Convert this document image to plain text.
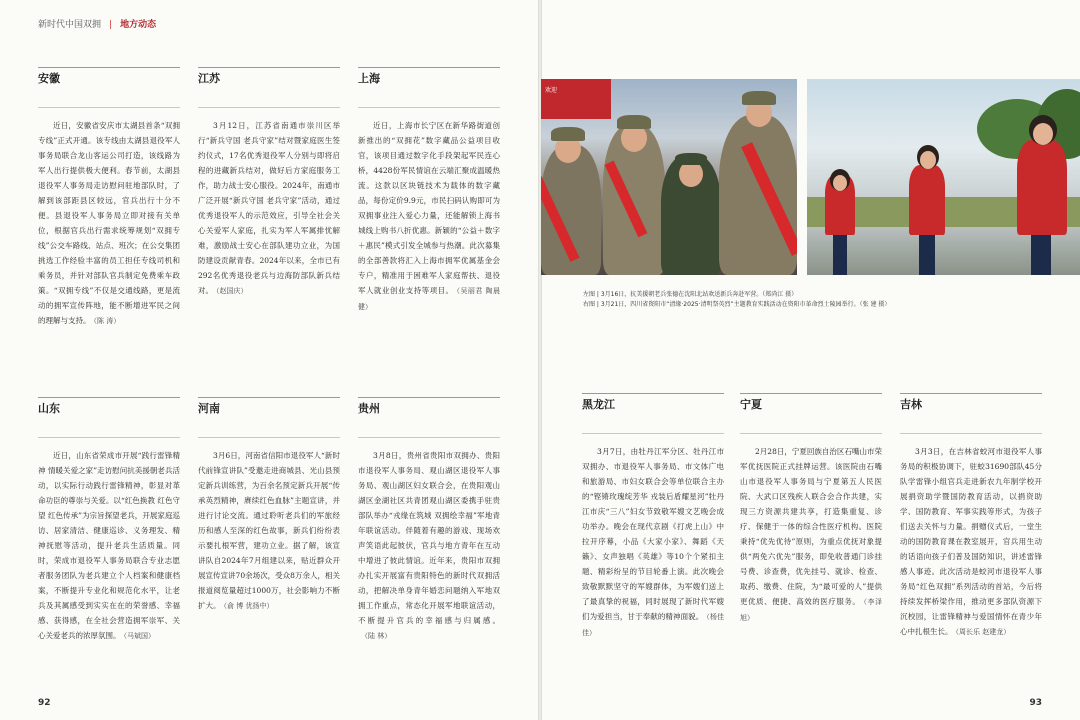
新时代中国双拥 | 地方动态
安徽

近日，安徽省安庆市太湖县首条“双拥专线”正式开通。该专线由太湖县退役军人事务局联合龙山客运公司打造，该线路为军人出行提供极大便利。春节前，太湖县退役军人事务局走访慰问驻地部队时，了解到该部距县区较远，官兵出行十分不便。县退役军人事务局立即对接有关单位，根据官兵出行需求统筹规划“双拥专线”公交车路线、站点、班次；在公交集团挑选工作经验丰富的员工担任专线司机和乘务员，并针对部队官兵制定免费乘车政策。“双拥专线”不仅是交通线路，更是流动的拥军宣传阵地，能不断增进军民之间的理解与支持。 （陈 涛）

江苏

3月12日，江苏省南通市崇川区举行“新兵守国 老兵守家”结对暨家庭医生签约仪式，17名优秀退役军人分别与即将启程的进藏新兵结对，做好后方家庭服务工作，助力战士安心服役。2024年，南通市广泛开展“新兵守国 老兵守家”活动，通过优秀退役军人的示范效应，引导全社会关心关爱军人家庭，扎实为军人军属排忧解难，激励战士安心在部队建功立业，为国防建设贡献青春。2024年以来，全市已有292名优秀退役老兵与边海防部队新兵结对。 （赵国庆）

上海

近日，上海市长宁区在新华路街道创新推出的“双拥花”数字藏品公益项目收官，该项目通过数字化手段架起军民连心桥，4428份军民情谊在云端汇聚成温暖热流。这款以区块链技术为载体的数字藏品，每份定价9.9元，市民扫码认购即可为双拥事业注入爱心力量，还能解锁上海书城线上购书八折优惠。新颖的“公益＋数字＋惠民”模式引发全城参与热潮。此次募集的全部善款将汇入上海市拥军优属基金会专户，精准用于困难军人家庭帮扶、退役军人就业创业支持等项目。 （吴丽君 陶晨健）

山东

近日，山东省荣成市开展“践行雷锋精神 情暖关爱之家”走访慰问抗美援朝老兵活动，以实际行动践行雷锋精神，彰显对革命功臣的尊崇与关爱。以“红色换教 红色守望 红色传承”为宗旨探望老兵，开展家庭巡访、居家清洁、健康巡诊、义务理发、精神抚慰等活动，提升老兵生活质量。同时，荣成市退役军人事务局联合专业志愿者服务团队为老兵建立个人档案和健康档案，不断提升专业化和规范化水平，让老兵及其属感受到实实在在的荣誉感、幸福感、获得感，在全社会营造拥军崇军、关心关爱老兵的浓厚氛围。 （马斌国）

河南

3月6日，河南省信阳市退役军人“新时代前锋宣讲队”受邀走进商城县、光山县预定新兵训练营，为百余名预定新兵开展“传承英烈精神，赓续红色血脉”主题宣讲，并进行讨论交流。通过聆听老兵们的军旅经历和感人至深的红色故事，新兵们纷纷表示要扎根军营，建功立业。据了解，该宣讲队自2024年7月组建以来，贴近群众开展宣传宣讲70余场次，受众8万余人，相关报道阅览量超过1000万，社会影响力不断扩大。 （俞 博 优扬中）

贵州

3月8日，贵州省贵阳市双拥办、贵阳市退役军人事务局、观山湖区退役军人事务局、观山湖区妇女联合会，在贵阳观山湖区金湖社区共青团观山湖区委携手驻贵部队举办“戎缘在筑城 双拥绘幸福”军地青年联谊活动。伴随着有趣的游戏、现场欢声笑语此起彼伏，官兵与地方青年在互动中增进了彼此情谊。近年来，贵阳市双拥办扎实开展富有贵阳特色的新时代双拥活动，把解决单身青年婚恋问题纳入军地双拥工作重点，常态化开展军地联谊活动，不断提升官兵的幸福感与归属感。（陆 林）

92	93
欢迎
左图 | 3月16日，抗美援朝老兵张德在沈阳北站欢送新兵奔赴军营。（郑尚江 摄）
右图 | 3月21日，四川省资阳市“清缘·2025·清明祭英烈”主题教育实践活动在资阳市革命烈士陵园举行。（张 建 摄）
黑龙江

3月7日，由牡丹江军分区、牡丹江市双拥办、市退役军人事务局、市文体广电和旅游局、市妇女联合会等单位联合主办的“铿锵玫瑰绽芳华 戎装后盾耀星河”牡丹江市庆“三八”妇女节致敬军嫂文艺晚会成功举办。晚会在现代京剧《打虎上山》中拉开序幕，小品《大家小家》、舞蹈《天籁》、女声独唱《英雄》等10个个紧扣主题、精彩纷呈的节目轮番上演。此次晚会致敬默默坚守的军嫂群体，为军嫂们送上了最真挚的祝福，同时展现了新时代军嫂们为爱担当，甘于奉献的精神面貌。 （杨佳佳）

宁夏

2月28日，宁夏回族自治区石嘴山市荣军优抚医院正式挂牌运营。该医院由石嘴山市退役军人事务局与宁夏第五人民医院、大武口区残疾人联合会合作共建，实现三方资源共建共享，打造集重复、诊疗、保健于一体的综合性医疗机构。医院秉持“优先优待”原则，为重点优抚对象提供“两免六优先”服务，即免收普通门诊挂号费、诊查费，优先挂号、就诊、检查、取药、缴费、住院，为“最可爱的人”提供更优质、便捷、高效的医疗服务。 （李泽旭）

吉林

3月3日，在吉林省蛟河市退役军人事务局的积极协调下，驻蛟31690部队45分队学雷锋小组官兵走进新农九年制学校开展捐资助学暨国防教育活动，以捐资助学、国防教育、军事实践等形式，为孩子们送去关怀与力量。捐赠仪式后，一堂生动的国防教育课在教室展开，官兵用生动的话语向孩子们普及国防知识，讲述雷锋感人事迹。此次活动是蛟河市退役军人事务局“红色双拥”系列活动的首站，今后将持续发挥桥梁作用，推动更多部队资源下沉校园，让雷锋精神与爱国情怀在青少年心中扎根生长。 （周长乐 赵建龙）
